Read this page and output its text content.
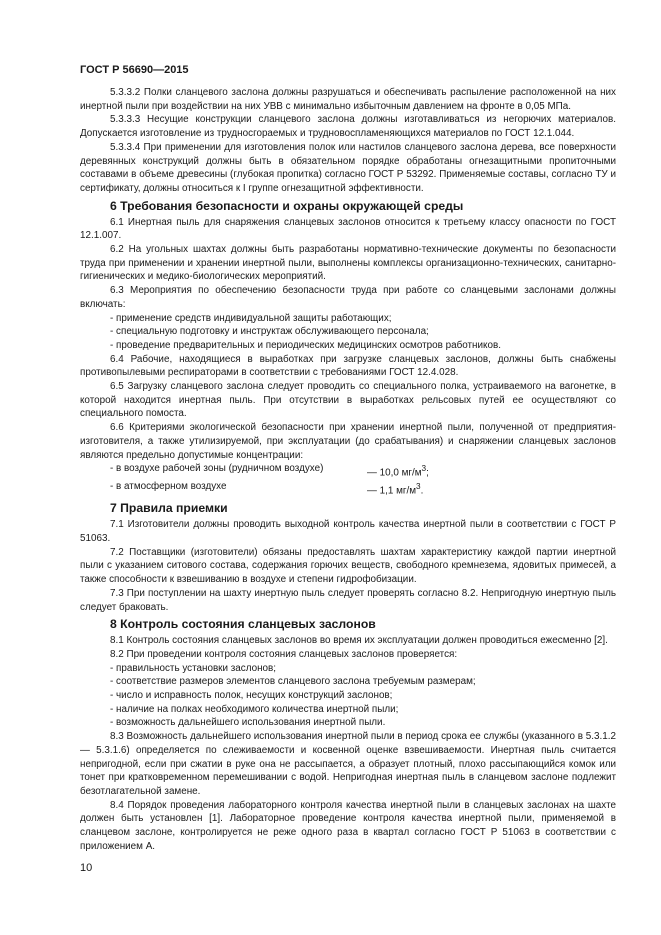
ГОСТ Р 56690—2015

5.3.3.2 Полки сланцевого заслона должны разрушаться и обеспечивать распыление расположенной на них инертной пыли при воздействии на них УВВ с минимально избыточным давлением на фронте в 0,05 МПа.

5.3.3.3 Несущие конструкции сланцевого заслона должны изготавливаться из негорючих материалов. Допускается изготовление из трудносгораемых и трудновоспламеняющихся материалов по ГОСТ 12.1.044.

5.3.3.4 При применении для изготовления полок или настилов сланцевого заслона дерева, все поверхности деревянных конструкций должны быть в обязательном порядке обработаны огнезащитными пропиточными составами в объеме древесины (глубокая пропитка) согласно ГОСТ Р 53292. Применяемые составы, согласно ТУ и сертификату, должны относиться к I группе огнезащитной эффективности.

6 Требования безопасности и охраны окружающей среды

6.1 Инертная пыль для снаряжения сланцевых заслонов относится к третьему классу опасности по ГОСТ 12.1.007.

6.2 На угольных шахтах должны быть разработаны нормативно-технические документы по безопасности труда при применении и хранении инертной пыли, выполнены комплексы организационно-технических, санитарно-гигиенических и медико-биологических мероприятий.

6.3 Мероприятия по обеспечению безопасности труда при работе со сланцевыми заслонами должны включать:

- применение средств индивидуальной защиты работающих;

- специальную подготовку и инструктаж обслуживающего персонала;

- проведение предварительных и периодических медицинских осмотров работников.

6.4 Рабочие, находящиеся в выработках при загрузке сланцевых заслонов, должны быть снабжены противопылевыми респираторами в соответствии с требованиями ГОСТ 12.4.028.

6.5 Загрузку сланцевого заслона следует проводить со специального полка, устраиваемого на вагонетке, в которой находится инертная пыль. При отсутствии в выработках рельсовых путей ее осуществляют со специального помоста.

6.6 Критериями экологической безопасности при хранении инертной пыли, полученной от предприятия-изготовителя, а также утилизируемой, при эксплуатации (до срабатывания) и снаряжении сланцевых заслонов являются предельно допустимые концентрации:

- в воздухе рабочей зоны (рудничном воздухе)	— 10,0 $мг/м^3$;
- в атмосферном воздухе	— 1,1 $мг/м^3$.
7 Правила приемки

7.1 Изготовители должны проводить выходной контроль качества инертной пыли в соответствии с ГОСТ Р 51063.

7.2 Поставщики (изготовители) обязаны предоставлять шахтам характеристику каждой партии инертной пыли с указанием ситового состава, содержания горючих веществ, свободного кремнезема, ядовитых примесей, а также способности к взвешиванию в воздухе и степени гидрофобизации.

7.3 При поступлении на шахту инертную пыль следует проверять согласно 8.2. Непригодную инертную пыль следует браковать.

8 Контроль состояния сланцевых заслонов

8.1 Контроль состояния сланцевых заслонов во время их эксплуатации должен проводиться ежесменно [2].

8.2 При проведении контроля состояния сланцевых заслонов проверяется:

- правильность установки заслонов;

- соответствие размеров элементов сланцевого заслона требуемым размерам;

- число и исправность полок, несущих конструкций заслонов;

- наличие на полках необходимого количества инертной пыли;

- возможность дальнейшего использования инертной пыли.

8.3 Возможность дальнейшего использования инертной пыли в период срока ее службы (указанного в 5.3.1.2 — 5.3.1.6) определяется по слеживаемости и косвенной оценке взвешиваемости. Инертная пыль считается непригодной, если при сжатии в руке она не рассыпается, а образует плотный, плохо рассыпающийся комок или тонет при кратковременном перемешивании с водой. Непригодная инертная пыль в сланцевом заслоне подлежит безотлагательной замене.

8.4 Порядок проведения лабораторного контроля качества инертной пыли в сланцевых заслонах на шахте должен быть установлен [1]. Лабораторное проведение контроля качества инертной пыли, применяемой в сланцевом заслоне, контролируется не реже одного раза в квартал согласно ГОСТ Р 51063 в соответствии с приложением А.

10
